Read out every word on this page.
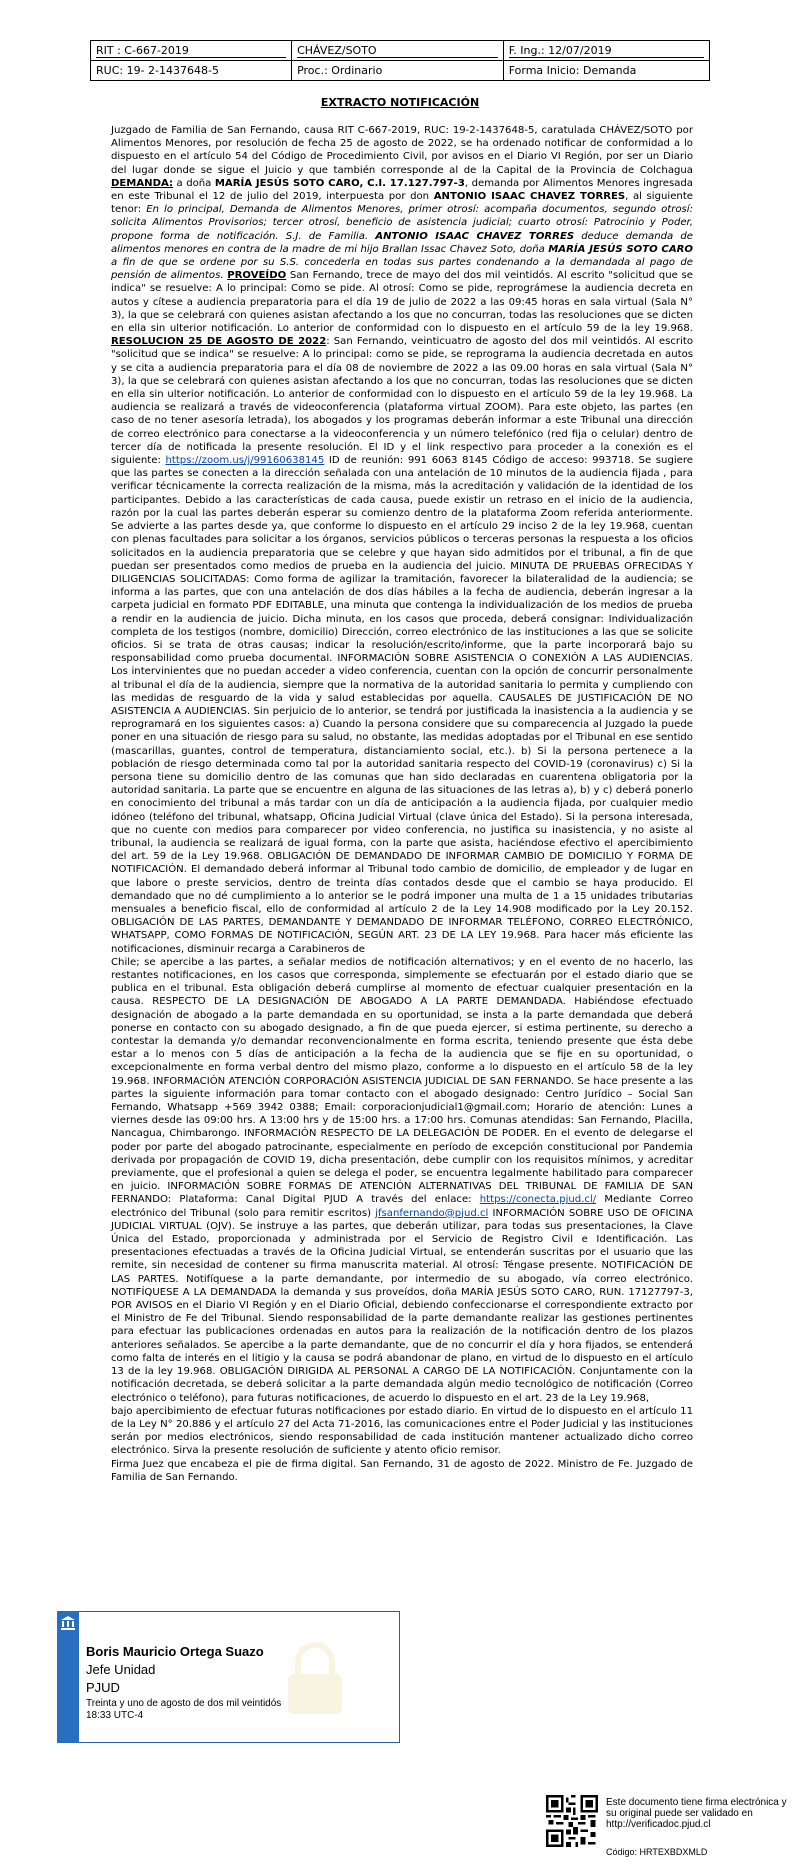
RIT : C-667-2019	CHÁVEZ/SOTO	F. Ing.: 12/07/2019
RUC: 19- 2-1437648-5	Proc.: Ordinario	Forma Inicio: Demanda
EXTRACTO NOTIFICACIÓN

Juzgado de Familia de San Fernando, causa RIT C-667-2019, RUC: 19-2-1437648-5, caratulada CHÁVEZ/SOTO por Alimentos Menores, por resolución de fecha 25 de agosto de 2022, se ha ordenado notificar de conformidad a lo dispuesto en el artículo 54 del Código de Procedimiento Civil, por avisos en el Diario VI Región, por ser un Diario del lugar donde se sigue el Juicio y que también corresponde al de la Capital de la Provincia de Colchagua DEMANDA: a doña MARÍA JESÚS SOTO CARO, C.I. 17.127.797-3, demanda por Alimentos Menores ingresada en este Tribunal el 12 de julio del 2019, interpuesta por don ANTONIO ISAAC CHAVEZ TORRES, al siguiente tenor: En lo principal, Demanda de Alimentos Menores, primer otrosí: acompaña documentos, segundo otrosí: solicita Alimentos Provisorios; tercer otrosí, beneficio de asistencia judicial; cuarto otrosí: Patrocinio y Poder, propone forma de notificación. S.J. de Familia. ANTONIO ISAAC CHAVEZ TORRES deduce demanda de alimentos menores en contra de la madre de mi hijo Brallan Issac Chavez Soto, doña MARÍA JESÚS SOTO CARO a fin de que se ordene por su S.S. concederla en todas sus partes condenando a la demandada al pago de pensión de alimentos. PROVEÍDO San Fernando, trece de mayo del dos mil veintidós. Al escrito "solicitud que se indica" se resuelve: A lo principal: Como se pide. Al otrosí: Como se pide, reprográmese la audiencia decreta en autos y cítese a audiencia preparatoria para el día 19 de julio de 2022 a las 09:45 horas en sala virtual (Sala N° 3), la que se celebrará con quienes asistan afectando a los que no concurran, todas las resoluciones que se dicten en ella sin ulterior notificación. Lo anterior de conformidad con lo dispuesto en el artículo 59 de la ley 19.968. RESOLUCION 25 DE AGOSTO DE 2022: San Fernando, veinticuatro de agosto del dos mil veintidós. Al escrito "solicitud que se indica" se resuelve: A lo principal: como se pide, se reprograma la audiencia decretada en autos y se cita a audiencia preparatoria para el día 08 de noviembre de 2022 a las 09.00 horas en sala virtual (Sala N° 3), la que se celebrará con quienes asistan afectando a los que no concurran, todas las resoluciones que se dicten en ella sin ulterior notificación. Lo anterior de conformidad con lo dispuesto en el artículo 59 de la ley 19.968. La audiencia se realizará a través de videoconferencia (plataforma virtual ZOOM). Para este objeto, las partes (en caso de no tener asesoría letrada), los abogados y los programas deberán informar a este Tribunal una dirección de correo electrónico para conectarse a la videoconferencia y un número telefónico (red fija o celular) dentro de tercer día de notificada la presente resolución. El ID y el link respectivo para proceder a la conexión es el siguiente: https://zoom.us/j/99160638145 ID de reunión: 991 6063 8145 Código de acceso: 993718. Se sugiere que las partes se conecten a la dirección señalada con una antelación de 10 minutos de la audiencia fijada , para verificar técnicamente la correcta realización de la misma, más la acreditación y validación de la identidad de los participantes. Debido a las características de cada causa, puede existir un retraso en el inicio de la audiencia, razón por la cual las partes deberán esperar su comienzo dentro de la plataforma Zoom referida anteriormente. Se advierte a las partes desde ya, que conforme lo dispuesto en el artículo 29 inciso 2 de la ley 19.968, cuentan con plenas facultades para solicitar a los órganos, servicios públicos o terceras personas la respuesta a los oficios solicitados en la audiencia preparatoria que se celebre y que hayan sido admitidos por el tribunal, a fin de que puedan ser presentados como medios de prueba en la audiencia del juicio. MINUTA DE PRUEBAS OFRECIDAS Y DILIGENCIAS SOLICITADAS: Como forma de agilizar la tramitación, favorecer la bilateralidad de la audiencia; se informa a las partes, que con una antelación de dos días hábiles a la fecha de audiencia, deberán ingresar a la carpeta judicial en formato PDF EDITABLE, una minuta que contenga la individualización de los medios de prueba a rendir en la audiencia de juicio. Dicha minuta, en los casos que proceda, deberá consignar: Individualización completa de los testigos (nombre, domicilio) Dirección, correo electrónico de las instituciones a las que se solicite oficios. Si se trata de otras causas; indicar la resolución/escrito/informe, que la parte incorporará bajo su responsabilidad como prueba documental. INFORMACIÓN SOBRE ASISTENCIA O CONEXIÓN A LAS AUDIENCIAS. Los intervinientes que no puedan acceder a video conferencia, cuentan con la opción de concurrir personalmente al tribunal el día de la audiencia, siempre que la normativa de la autoridad sanitaria lo permita y cumpliendo con las medidas de resguardo de la vida y salud establecidas por aquella. CAUSALES DE JUSTIFICACIÓN DE NO ASISTENCIA A AUDIENCIAS. Sin perjuicio de lo anterior, se tendrá por justificada la inasistencia a la audiencia y se reprogramará en los siguientes casos: a) Cuando la persona considere que su comparecencia al Juzgado la puede poner en una situación de riesgo para su salud, no obstante, las medidas adoptadas por el Tribunal en ese sentido (mascarillas, guantes, control de temperatura, distanciamiento social, etc.). b) Si la persona pertenece a la población de riesgo determinada como tal por la autoridad sanitaria respecto del COVID-19 (coronavirus) c) Si la persona tiene su domicilio dentro de las comunas que han sido declaradas en cuarentena obligatoria por la autoridad sanitaria. La parte que se encuentre en alguna de las situaciones de las letras a), b) y c) deberá ponerlo en conocimiento del tribunal a más tardar con un día de anticipación a la audiencia fijada, por cualquier medio idóneo (teléfono del tribunal, whatsapp, Oficina Judicial Virtual (clave única del Estado). Si la persona interesada, que no cuente con medios para comparecer por video conferencia, no justifica su inasistencia, y no asiste al tribunal, la audiencia se realizará de igual forma, con la parte que asista, haciéndose efectivo el apercibimiento del art. 59 de la Ley 19.968. OBLIGACIÓN DE DEMANDADO DE INFORMAR CAMBIO DE DOMICILIO Y FORMA DE NOTIFICACIÓN. El demandado deberá informar al Tribunal todo cambio de domicilio, de empleador y de lugar en que labore o preste servicios, dentro de treinta días contados desde que el cambio se haya producido. El demandado que no dé cumplimiento a lo anterior se le podrá imponer una multa de 1 a 15 unidades tributarias mensuales a beneficio fiscal, ello de conformidad al artículo 2 de la Ley 14.908 modificado por la Ley 20.152. OBLIGACIÓN DE LAS PARTES, DEMANDANTE Y DEMANDADO DE INFORMAR TELÉFONO, CORREO ELECTRÓNICO, WHATSAPP, COMO FORMAS DE NOTIFICACIÓN, SEGÚN ART. 23 DE LA LEY 19.968. Para hacer más eficiente las notificaciones, disminuir recarga a Carabineros de

Chile; se apercibe a las partes, a señalar medios de notificación alternativos; y en el evento de no hacerlo, las restantes notificaciones, en los casos que corresponda, simplemente se efectuarán por el estado diario que se publica en el tribunal. Esta obligación deberá cumplirse al momento de efectuar cualquier presentación en la causa. RESPECTO DE LA DESIGNACIÓN DE ABOGADO A LA PARTE DEMANDADA. Habiéndose efectuado designación de abogado a la parte demandada en su oportunidad, se insta a la parte demandada que deberá ponerse en contacto con su abogado designado, a fin de que pueda ejercer, si estima pertinente, su derecho a contestar la demanda y/o demandar reconvencionalmente en forma escrita, teniendo presente que ésta debe estar a lo menos con 5 días de anticipación a la fecha de la audiencia que se fije en su oportunidad, o excepcionalmente en forma verbal dentro del mismo plazo, conforme a lo dispuesto en el artículo 58 de la ley 19.968. INFORMACIÓN ATENCIÓN CORPORACIÓN ASISTENCIA JUDICIAL DE SAN FERNANDO. Se hace presente a las partes la siguiente información para tomar contacto con el abogado designado: Centro Jurídico – Social San Fernando, Whatsapp +569 3942 0388; Email: corporacionjudicial1@gmail.com; Horario de atención: Lunes a viernes desde las 09:00 hrs. A 13:00 hrs y de 15:00 hrs. a 17:00 hrs. Comunas atendidas: San Fernando, Placilla, Nancagua, Chimbarongo. INFORMACIÓN RESPECTO DE LA DELEGACIÓN DE PODER. En el evento de delegarse el poder por parte del abogado patrocinante, especialmente en período de excepción constitucional por Pandemia derivada por propagación de COVID 19, dicha presentación, debe cumplir con los requisitos mínimos, y acreditar previamente, que el profesional a quien se delega el poder, se encuentra legalmente habilitado para comparecer en juicio. INFORMACIÓN SOBRE FORMAS DE ATENCIÓN ALTERNATIVAS DEL TRIBUNAL DE FAMILIA DE SAN FERNANDO: Plataforma: Canal Digital PJUD A través del enlace: https://conecta.pjud.cl/ Mediante Correo electrónico del Tribunal (solo para remitir escritos) jfsanfernando@pjud.cl INFORMACIÓN SOBRE USO DE OFICINA JUDICIAL VIRTUAL (OJV). Se instruye a las partes, que deberán utilizar, para todas sus presentaciones, la Clave Única del Estado, proporcionada y administrada por el Servicio de Registro Civil e Identificación. Las presentaciones efectuadas a través de la Oficina Judicial Virtual, se entenderán suscritas por el usuario que las remite, sin necesidad de contener su firma manuscrita material. Al otrosí: Téngase presente. NOTIFICACIÓN DE LAS PARTES. Notifíquese a la parte demandante, por intermedio de su abogado, vía correo electrónico. NOTIFÍQUESE A LA DEMANDADA la demanda y sus proveídos, doña MARÍA JESÚS SOTO CARO, RUN. 17127797-3, POR AVISOS en el Diario VI Región y en el Diario Oficial, debiendo confeccionarse el correspondiente extracto por el Ministro de Fe del Tribunal. Siendo responsabilidad de la parte demandante realizar las gestiones pertinentes para efectuar las publicaciones ordenadas en autos para la realización de la notificación dentro de los plazos anteriores señalados. Se apercibe a la parte demandante, que de no concurrir el día y hora fijados, se entenderá como falta de interés en el litigio y la causa se podrá abandonar de plano, en virtud de lo dispuesto en el artículo 13 de la ley 19.968. OBLIGACIÓN DIRIGIDA AL PERSONAL A CARGO DE LA NOTIFICACIÓN. Conjuntamente con la notificación decretada, se deberá solicitar a la parte demandada algún medio tecnológico de notificación (Correo electrónico o teléfono), para futuras notificaciones, de acuerdo lo dispuesto en el art. 23 de la Ley 19.968,

bajo apercibimiento de efectuar futuras notificaciones por estado diario. En virtud de lo dispuesto en el artículo 11 de la Ley N° 20.886 y el artículo 27 del Acta 71-2016, las comunicaciones entre el Poder Judicial y las instituciones serán por medios electrónicos, siendo responsabilidad de cada institución mantener actualizado dicho correo electrónico. Sirva la presente resolución de suficiente y atento oficio remisor.

Firma Juez que encabeza el pie de firma digital. San Fernando, 31 de agosto de 2022. Ministro de Fe. Juzgado de Familia de San Fernando.

Boris Mauricio Ortega Suazo
Jefe Unidad
PJUD
Treinta y uno de agosto de dos mil veintidós
18:33 UTC-4
Este documento tiene firma electrónica y su original puede ser validado en http://verificadoc.pjud.cl
Código: HRTEXBDXMLD
